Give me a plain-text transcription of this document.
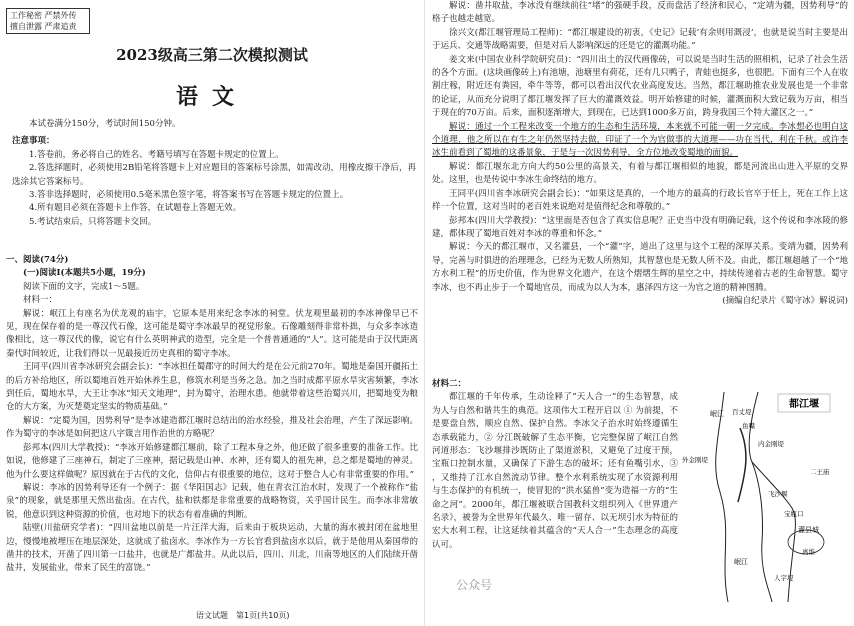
工作秘密 严禁外传
擅自泄露 严肃追责
2023级高三第二次模拟测试
语文

本试卷满分150分，考试时间150分钟。

注意事项：

1.答卷前，务必将自己的姓名、考籍号填写在答题卡规定的位置上。

2.答选择题时，必须使用2B铅笔将答题卡上对应题目的答案标号涂黑，如需改动，用橡皮擦干净后，再选涂其它答案标号。

3.答非选择题时，必须使用0.5毫米黑色签字笔，将答案书写在答题卡规定的位置上。

4.所有题目必须在答题卡上作答，在试题卷上答题无效。

5.考试结束后，只将答题卡交回。

一、阅读(74分)

(一)阅读Ⅰ(本题共5小题，19分)

阅读下面的文字，完成1～5题。

材料一：

解说：岷江上有座名为伏龙观的庙宇，它原本是用来纪念李冰的祠堂。伏龙观里最初的李冰神像早已不见，现在保存着的是一尊汉代石像，这可能是蜀守李冰最早的视觉形象。石像雕刻得非常朴拙，与众多李冰造像相比，这一尊汉代的像，说它有什么英明神武的造型，完全是一个普普通通的“人”。这可能是由于汉代距离秦代时间较近，让我们得以一见最接近历史真相的蜀守李冰。

王同平(四川省李冰研究会副会长)：“李冰担任蜀郡守的时间大约是在公元前270年。蜀地是秦国开疆拓土的后方补给地区，所以蜀地百姓开始休养生息，修筑水利是当务之急。加之当时成都平原水旱灾害频繁，李冰到任后，蜀地水旱，大王让李冰“知天文地理”，封为蜀守，治理水患。他就带着这些治蜀兴川，把蜀地变为粮仓的大方案，为灭楚奠定坚实的物质基础。”

解说：“定蜀为国，因势利导”是李冰建造都江堰时总结出的治水经验，推及社会治理，产生了深远影响。作为蜀守的李冰是如何把这八字箴言用作治世的方略呢？

彭邦本(四川大学教授)：“李冰开始修建都江堰前，除了工程本身之外，他还做了很多重要的准备工作。比如说，他修建了三座神石，制定了三座神，据记载是山神、水神，还有蜀人的祖先神，总之都是蜀地的神灵。他为什么要这样做呢？原因就在于古代的文化，信仰占有很重要的地位，这对于整合人心有非常重要的作用。”

解说：李冰的因势利导还有一个例子：据《华阳国志》记载，他在青衣江治水时，发现了一个被称作“盐泉”的现象，就是那里天然出盐卤。在古代，盐和铁都是非常重要的战略物资，关乎国计民生。而李冰非常敏锐，他意识到这种资源的价值，也对地下的状态有着准确的判断。

陆壁(川盐研究学者)：“四川盆地以前是一片汪洋大海，后来由于板块运动，大量的海水被封闭在盆地里边，慢慢地被埋压在地层深处，这就成了盐卤水。李冰作为一方长官看到盐卤水以后，就于是他用从秦国带的凿井的技术，开凿了四川第一口盐井，也就是广都盐井。从此以后，四川、川北，川南等地区的人们陆续开凿盐井，发展盐业，带来了民生的富饶。”

语文试题　第1页(共10页)

解说：凿井取盐，李冰没有继续前往“堵”的强硬手段，反而盘活了经济和民心，“定靖为疆，因势利导”的格子也越走越宽。

徐兴文(都江堰管理局工程师)：“都江堰建设的初衷，《史记》记载‘有余则用溉浸’，也就是说当时主要是出于运兵、交通等战略需要，但是对后人影响深远的还是它的灌溉功能。”

姜文来(中国农业科学院研究员)：“四川出土的汉代画像砖，可以说是当时生活的照相机，记录了社会生活的各个方面。(这块画像砖上)有池塘，池塘里有荷花，还有几只鸭子，青蛙也挺多，也很肥。下面有三个人在收割庄稼，附近还有粪园，牵牛等等，都可以看出汉代农业高度发达。当然，都江堰助推农业发展也是一个非常的论证，从而充分说明了都江堰发挥了巨大的灌溉效益。明开始修建的时候，灌溉面积大致记载为万亩，相当于现在的70万亩。后来，面积逐渐增大，到现在，已达到1000多万亩，跨身我国三个特大灌区之一。”

解说：通过一个工程来改变一个地方的生态和生活环境，本来就不可能一朝一夕完成。李冰想必也明白这个道理，他之所以在有生之年仍然坚持去做，印证了一个为官做事的大道理——功在当代，利在千秋。或许李冰生前看到了蜀地的这番景象，于是与一次因势利导，全方位地改变蜀地的面貌。

解说：都江堰东北方向大约50公里的高景关，有着与都江堰相似的地貌，都是河流出山进入平原的交界处。这里，也是传说中李冰生命终结的地方。

王同平(四川省李冰研究会副会长)：“如果这是真的，一个地方的最高的行政长官卒于任上，死在工作上这样一个位置，这对当时的老百姓来说绝对是值得纪念和尊敬的。”

彭邦本(四川大学教授)：“这里面是否包含了真实信息呢？正史当中没有明确记载，这个传说和李冰陵的修建，都体现了蜀地百姓对李冰的尊重和怀念。”

解说：今天的都江堰市，又名灌县，一个“灌”字，道出了这里与这个工程的深厚关系。变靖为疆，因势利导，完善与时俱进的治理理念，已经为无数人所熟知，其智慧也是无数人所不及。由此，都江堰超越了一个“地方水利工程”的历史价值，作为世界文化遗产，在这个熠熠生辉的星空之中，持续传递着古老的生命智慧。蜀守李冰，也不再止步于一个蜀地官员，而成为以人为本，惠泽四方这一为官之道的精神图腾。

(摘编自纪录片《蜀守冰》解说词)

材料二：

都江堰的千年传承，生动诠释了“天人合一”的生态智慧，成为人与自然和谐共生的典范。这项伟大工程开启以 ① 为前提，不是要盘自然，顺应自然、保护自然。李冰父子治水时始终遵循生态承载能力，② 分江既破解了生态平衡，它完整保留了岷江自然河道形态：飞沙堰排沙既防止了渠道淤积，又避免了过度干预，宝瓶口控制水量，又确保了下游生态的破坏；还有鱼嘴引水，③ ，又维持了江水自然流动节律。整个水利系统实现了水资源利用与生态保护的有机统一，使冒犯的“洪水猛兽”变为造福一方的“生命之河”。2000年，都江堰被联合国教科文组织列入《世界遗产名录》，被誉为全世界年代最久、唯一留存、以无坝引水为特征的宏大水利工程，让这延续着其蕴含的“天人合一”生态理念的高度认可。

都江堰
鱼嘴
内金刚堤
外金刚堤
百丈堤
二王庙
岷江
飞沙堰
宝瓶口
离堆
灌县城
岷江
人字堤
公众号
